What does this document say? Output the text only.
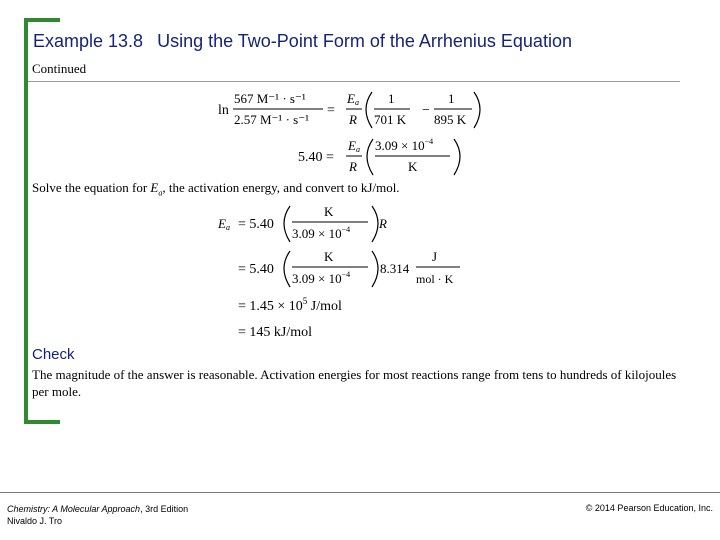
Example 13.8 Using the Two-Point Form of the Arrhenius Equation
Continued
ln
567 M⁻¹ · s⁻¹
2.57 M⁻¹ · s⁻¹
=
Ea
R
1
701 K
−
1
895 K
5.40 =
Ea
R
$3.09 \times 10^{-4}$
K
Solve the equation for $E_a$, the activation energy, and convert to kJ/mol.
Ea = 5.40
K
$3.09 \times 10^{-4}$ R
= 5.40
K
$3.09 \times 10^{-4}$ 8.314
J
mol · K
= $1.45 \times 10^5$ J/mol
= 145 kJ/mol
Check
The magnitude of the answer is reasonable. Activation energies for most reactions range from tens to hundreds of kilojoules per mole.
Chemistry: A Molecular Approach, 3rd Edition
Nivaldo J. Tro
© 2014 Pearson Education, Inc.
